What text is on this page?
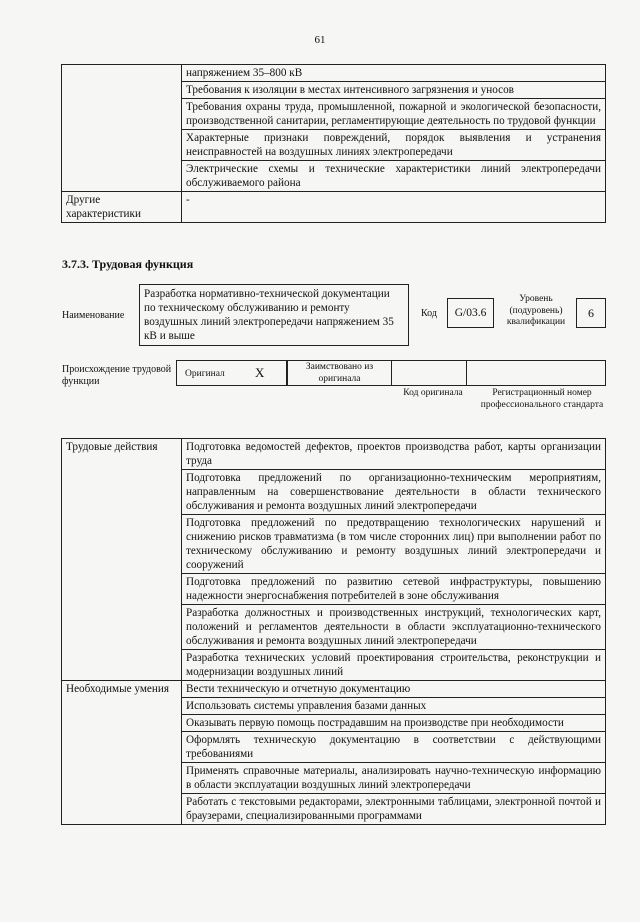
61
	напряжением 35–800 кВ
	Требования к изоляции в местах интенсивного загрязнения и уносов
	Требования охраны труда, промышленной, пожарной и экологической безопасности, производственной санитарии, регламентирующие деятельность по трудовой функции
	Характерные признаки повреждений, порядок выявления и устранения неисправностей на воздушных линиях электропередачи
	Электрические схемы и технические характеристики линий электропередачи обслуживаемого района
Другие характеристики	-
3.7.3. Трудовая функция
Наименование
Разработка нормативно-технической документации по техническому обслуживанию и ремонту воздушных линий электропередачи напряжением 35 кВ и выше
Код	G/03.6
Уровень (подуровень) квалификации
6
Происхождение трудовой функции
Оригинал X	Заимствовано из оригинала
Код оригинала	Регистрационный номер профессионального стандарта
Трудовые действия	Подготовка ведомостей дефектов, проектов производства работ, карты организации труда
	Подготовка предложений по организационно-техническим мероприятиям, направленным на совершенствование деятельности в области технического обслуживания и ремонта воздушных линий электропередачи
	Подготовка предложений по предотвращению технологических нарушений и снижению рисков травматизма (в том числе сторонних лиц) при выполнении работ по техническому обслуживанию и ремонту воздушных линий электропередачи и сооружений
	Подготовка предложений по развитию сетевой инфраструктуры, повышению надежности энергоснабжения потребителей в зоне обслуживания
	Разработка должностных и производственных инструкций, технологических карт, положений и регламентов деятельности в области эксплуатационно-технического обслуживания и ремонта воздушных линий электропередачи
	Разработка технических условий проектирования строительства, реконструкции и модернизации воздушных линий
Необходимые умения	Вести техническую и отчетную документацию
	Использовать системы управления базами данных
	Оказывать первую помощь пострадавшим на производстве при необходимости
	Оформлять техническую документацию в соответствии с действующими требованиями
	Применять справочные материалы, анализировать научно-техническую информацию в области эксплуатации воздушных линий электропередачи
	Работать с текстовыми редакторами, электронными таблицами, электронной почтой и браузерами, специализированными программами
